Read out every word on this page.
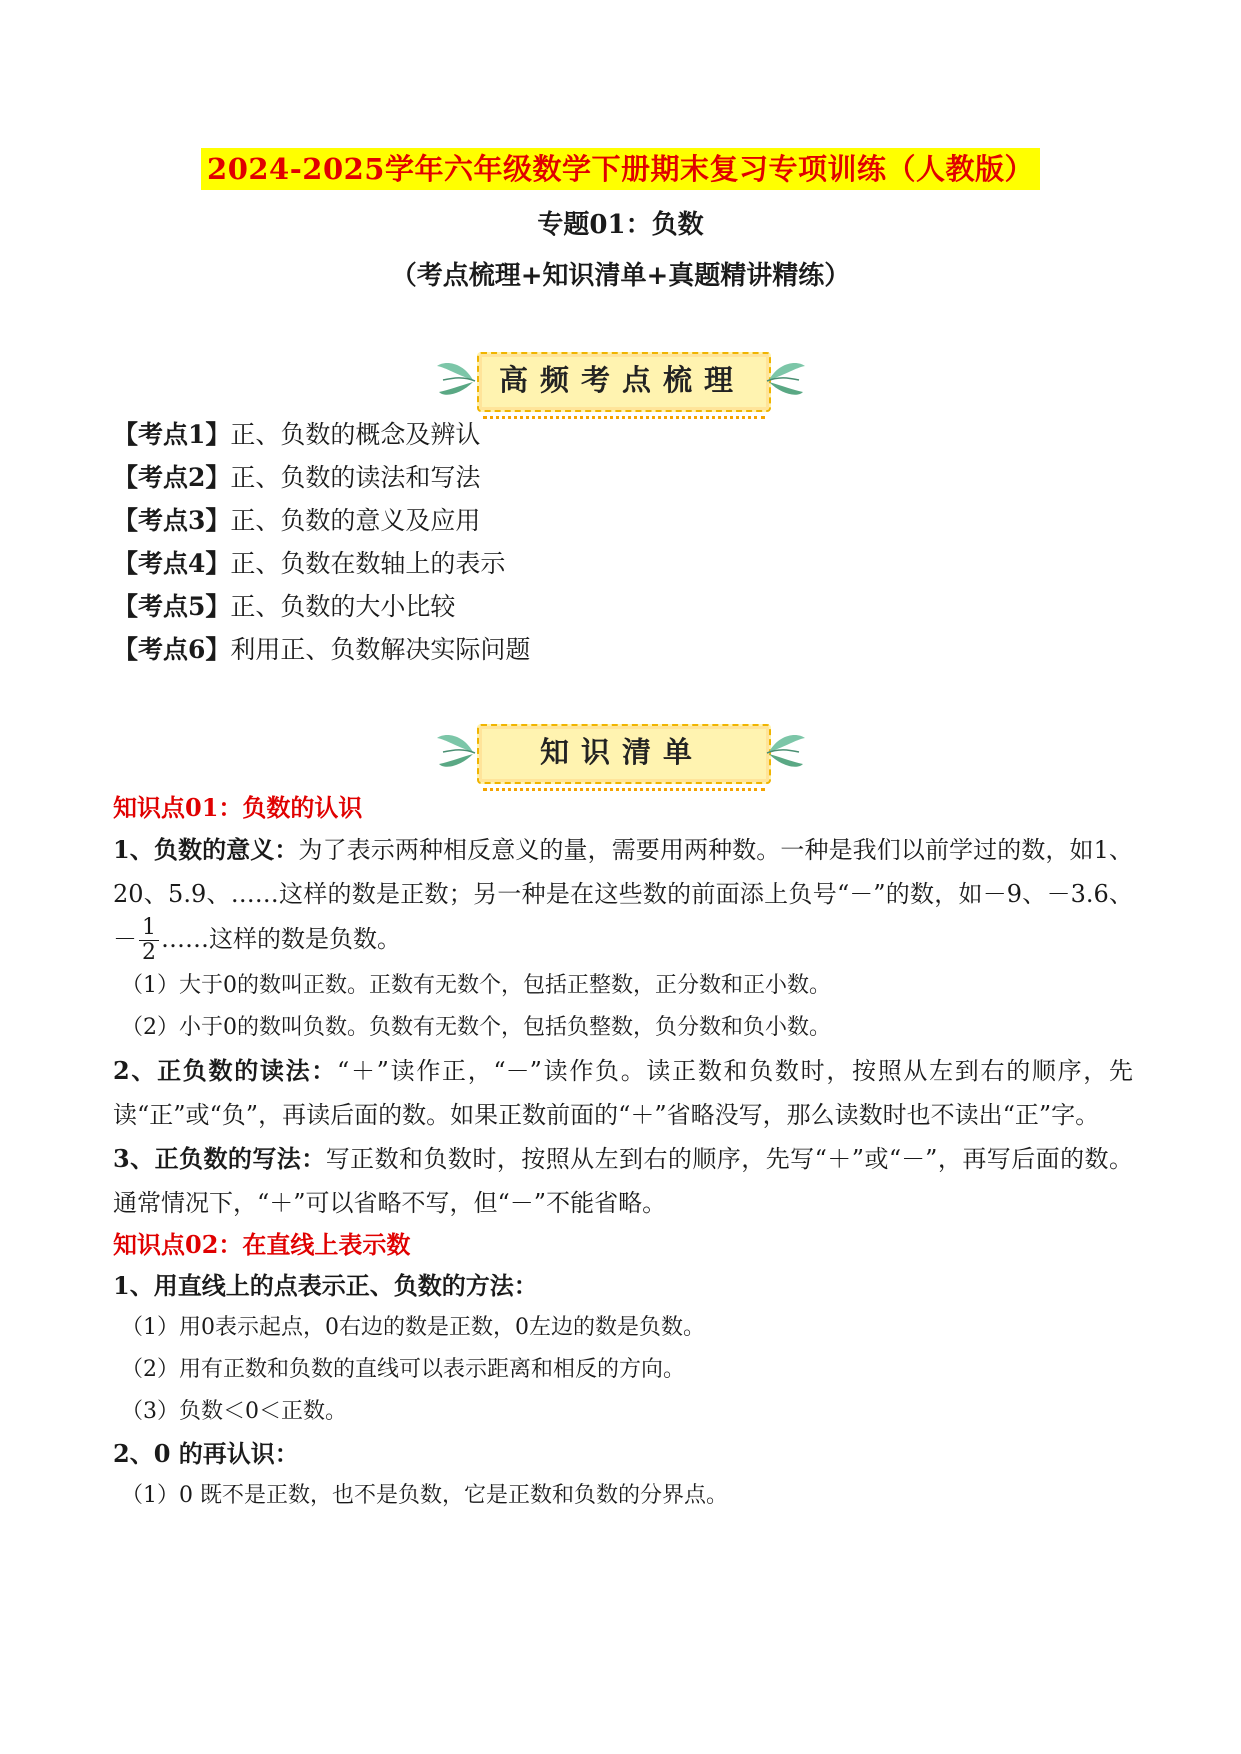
2024-2025学年六年级数学下册期末复习专项训练（人教版）
专题01：负数
（考点梳理+知识清单+真题精讲精练）
高频考点梳理
【考点1】正、负数的概念及辨认
【考点2】正、负数的读法和写法
【考点3】正、负数的意义及应用
【考点4】正、负数在数轴上的表示
【考点5】正、负数的大小比较
【考点6】利用正、负数解决实际问题
知识清单
知识点01：负数的认识
1、负数的意义：为了表示两种相反意义的量，需要用两种数。一种是我们以前学过的数，如1、20、5.9、……这样的数是正数；另一种是在这些数的前面添上负号“－”的数，如－9、－3.6、－ $\frac{1}{2}$ ……这样的数是负数。
（1）大于0的数叫正数。正数有无数个，包括正整数，正分数和正小数。
（2）小于0的数叫负数。负数有无数个，包括负整数，负分数和负小数。
2、正负数的读法：“＋”读作正，“－”读作负。读正数和负数时，按照从左到右的顺序，先读“正”或“负”，再读后面的数。如果正数前面的“＋”省略没写，那么读数时也不读出“正”字。
3、正负数的写法：写正数和负数时，按照从左到右的顺序，先写“＋”或“－”，再写后面的数。通常情况下，“＋”可以省略不写，但“－”不能省略。
知识点02：在直线上表示数
1、用直线上的点表示正、负数的方法：
（1）用0表示起点，0右边的数是正数，0左边的数是负数。
（2）用有正数和负数的直线可以表示距离和相反的方向。
（3）负数＜0＜正数。
2、0 的再认识：
（1）0 既不是正数，也不是负数，它是正数和负数的分界点。
